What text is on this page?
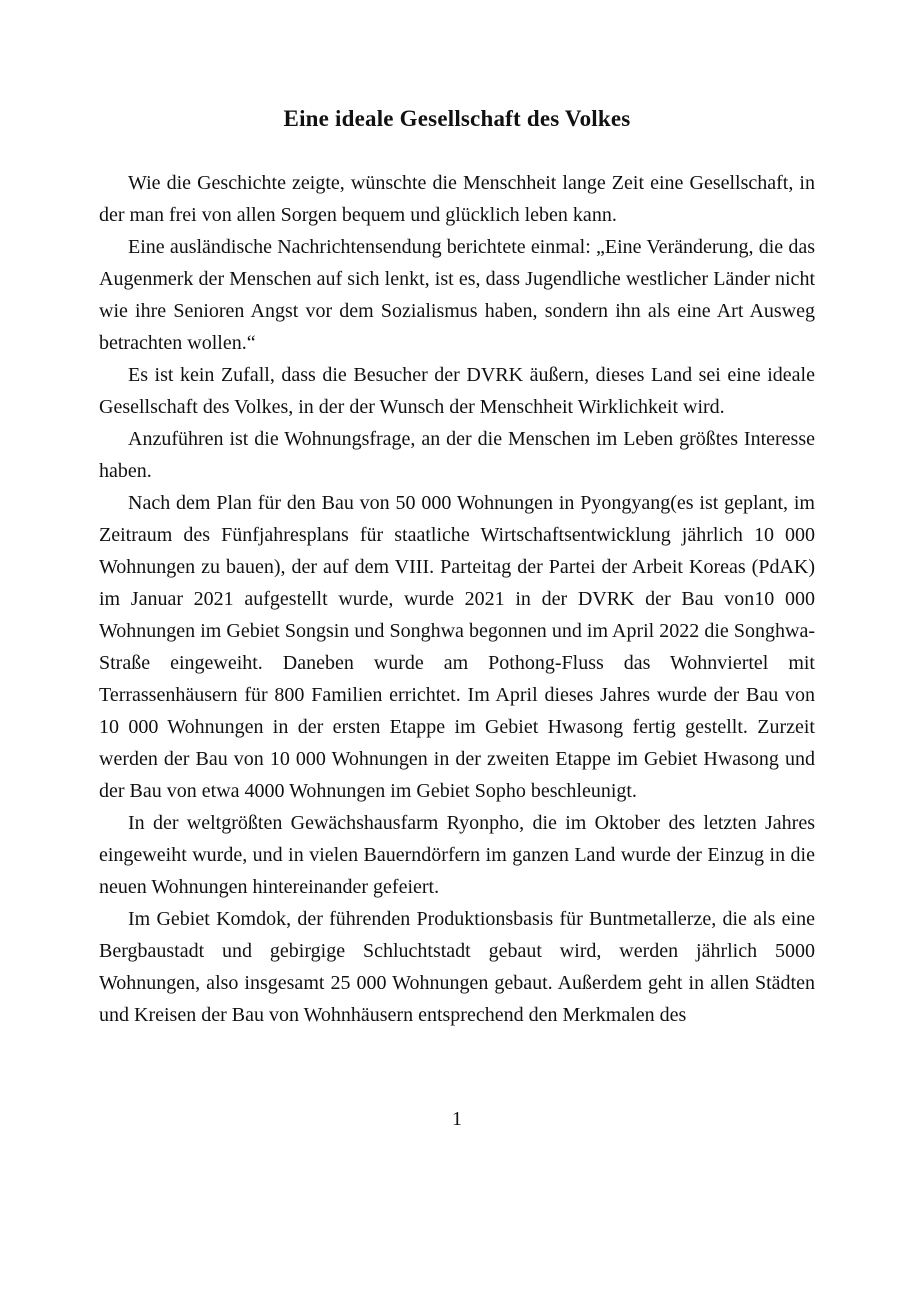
Eine ideale Gesellschaft des Volkes

Wie die Geschichte zeigte, wünschte die Menschheit lange Zeit eine Gesellschaft, in der man frei von allen Sorgen bequem und glücklich leben kann.

Eine ausländische Nachrichtensendung berichtete einmal: „Eine Veränderung, die das Augenmerk der Menschen auf sich lenkt, ist es, dass Jugendliche westlicher Länder nicht wie ihre Senioren Angst vor dem Sozialismus haben, sondern ihn als eine Art Ausweg betrachten wollen.“

Es ist kein Zufall, dass die Besucher der DVRK äußern, dieses Land sei eine ideale Gesellschaft des Volkes, in der der Wunsch der Menschheit Wirklichkeit wird.

Anzuführen ist die Wohnungsfrage, an der die Menschen im Leben größtes Interesse haben.

Nach dem Plan für den Bau von 50 000 Wohnungen in Pyongyang(es ist geplant, im Zeitraum des Fünfjahresplans für staatliche Wirtschaftsentwicklung jährlich 10 000 Wohnungen zu bauen), der auf dem VIII. Parteitag der Partei der Arbeit Koreas (PdAK) im Januar 2021 aufgestellt wurde, wurde 2021 in der DVRK der Bau von10 000 Wohnungen im Gebiet Songsin und Songhwa begonnen und im April 2022 die Songhwa-Straße eingeweiht. Daneben wurde am Pothong-Fluss das Wohnviertel mit Terrassenhäusern für 800 Familien errichtet. Im April dieses Jahres wurde der Bau von 10 000 Wohnungen in der ersten Etappe im Gebiet Hwasong fertig gestellt. Zurzeit werden der Bau von 10 000 Wohnungen in der zweiten Etappe im Gebiet Hwasong und der Bau von etwa 4000 Wohnungen im Gebiet Sopho beschleunigt.

In der weltgrößten Gewächshausfarm Ryonpho, die im Oktober des letzten Jahres eingeweiht wurde, und in vielen Bauerndörfern im ganzen Land wurde der Einzug in die neuen Wohnungen hintereinander gefeiert.

Im Gebiet Komdok, der führenden Produktionsbasis für Buntmetallerze, die als eine Bergbaustadt und gebirgige Schluchtstadt gebaut wird, werden jährlich 5000 Wohnungen, also insgesamt 25 000 Wohnungen gebaut. Außerdem geht in allen Städten und Kreisen der Bau von Wohnhäusern entsprechend den Merkmalen des

1
